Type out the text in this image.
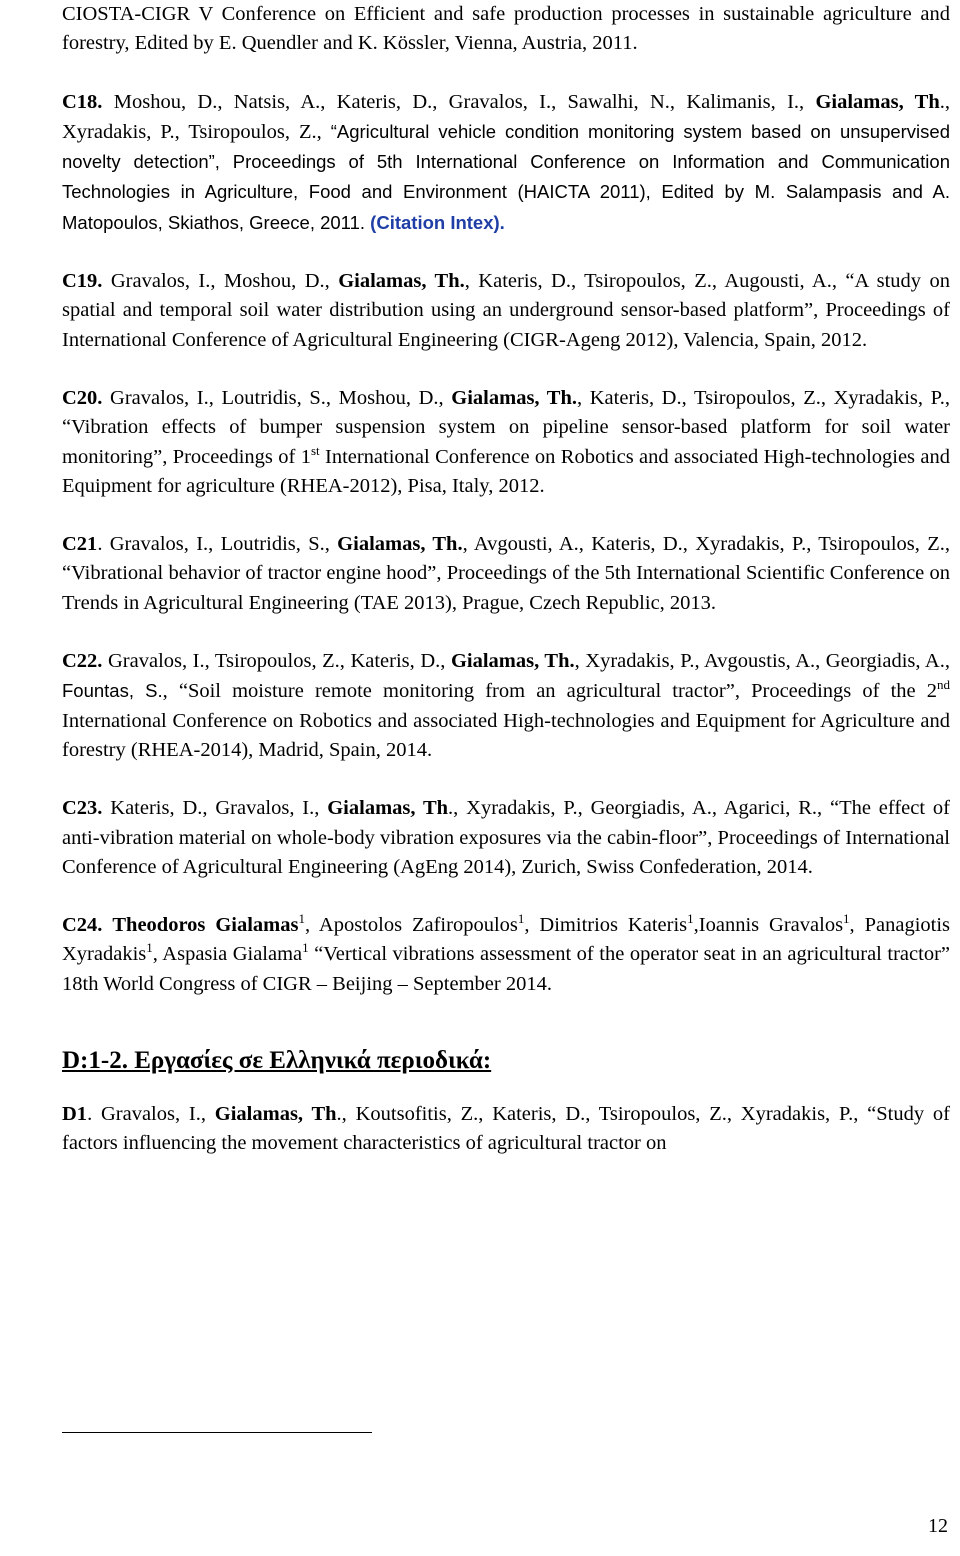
CIOSTA-CIGR V Conference on Efficient and safe production processes in sustainable agriculture and forestry, Edited by E. Quendler and K. Kössler, Vienna, Austria, 2011.

C18. Moshou, D., Natsis, A., Kateris, D., Gravalos, I., Sawalhi, N., Kalimanis, I., Gialamas, Th., Xyradakis, P., Tsiropoulos, Z., “Agricultural vehicle condition monitoring system based on unsupervised novelty detection”, Proceedings of 5th International Conference on Information and Communication Technologies in Agriculture, Food and Environment (HAICTA 2011), Edited by M. Salampasis and A. Matopoulos, Skiathos, Greece, 2011. (Citation Intex).

C19. Gravalos, I., Moshou, D., Gialamas, Th., Kateris, D., Tsiropoulos, Z., Augousti, A., “A study on spatial and temporal soil water distribution using an underground sensor-based platform”, Proceedings of International Conference of Agricultural Engineering (CIGR-Ageng 2012), Valencia, Spain, 2012.

C20. Gravalos, I., Loutridis, S., Moshou, D., Gialamas, Th., Kateris, D., Tsiropoulos, Z., Xyradakis, P., “Vibration effects of bumper suspension system on pipeline sensor-based platform for soil water monitoring”, Proceedings of 1st International Conference on Robotics and associated High-technologies and Equipment for agriculture (RHEA-2012), Pisa, Italy, 2012.

C21. Gravalos, I., Loutridis, S., Gialamas, Th., Avgousti, A., Kateris, D., Xyradakis, P., Tsiropoulos, Z., “Vibrational behavior of tractor engine hood”, Proceedings of the 5th International Scientific Conference on Trends in Agricultural Engineering (TAE 2013), Prague, Czech Republic, 2013.

C22. Gravalos, I., Tsiropoulos, Z., Kateris, D., Gialamas, Th., Xyradakis, P., Avgoustis, A., Georgiadis, A., Fountas, S., “Soil moisture remote monitoring from an agricultural tractor”, Proceedings of the 2nd International Conference on Robotics and associated High-technologies and Equipment for Agriculture and forestry (RHEA-2014), Madrid, Spain, 2014.

C23. Kateris, D., Gravalos, I., Gialamas, Th., Xyradakis, P., Georgiadis, A., Agarici, R., “The effect of anti-vibration material on whole-body vibration exposures via the cabin-floor”, Proceedings of International Conference of Agricultural Engineering (AgEng 2014), Zurich, Swiss Confederation, 2014.

C24. Theodoros Gialamas$^1$, Apostolos Zafiropoulos$^1$, Dimitrios Kateris$^1$,Ioannis Gravalos$^1$, Panagiotis Xyradakis$^1$, Aspasia Gialama$^1$ “Vertical vibrations assessment of the operator seat in an agricultural tractor” 18th World Congress of CIGR – Beijing – September 2014.

D:1-2. Εργασίες σε Ελληνικά περιοδικά:

D1. Gravalos, I., Gialamas, Th., Koutsofitis, Z., Kateris, D., Tsiropoulos, Z., Xyradakis, P., “Study of factors influencing the movement characteristics of agricultural tractor on

12
